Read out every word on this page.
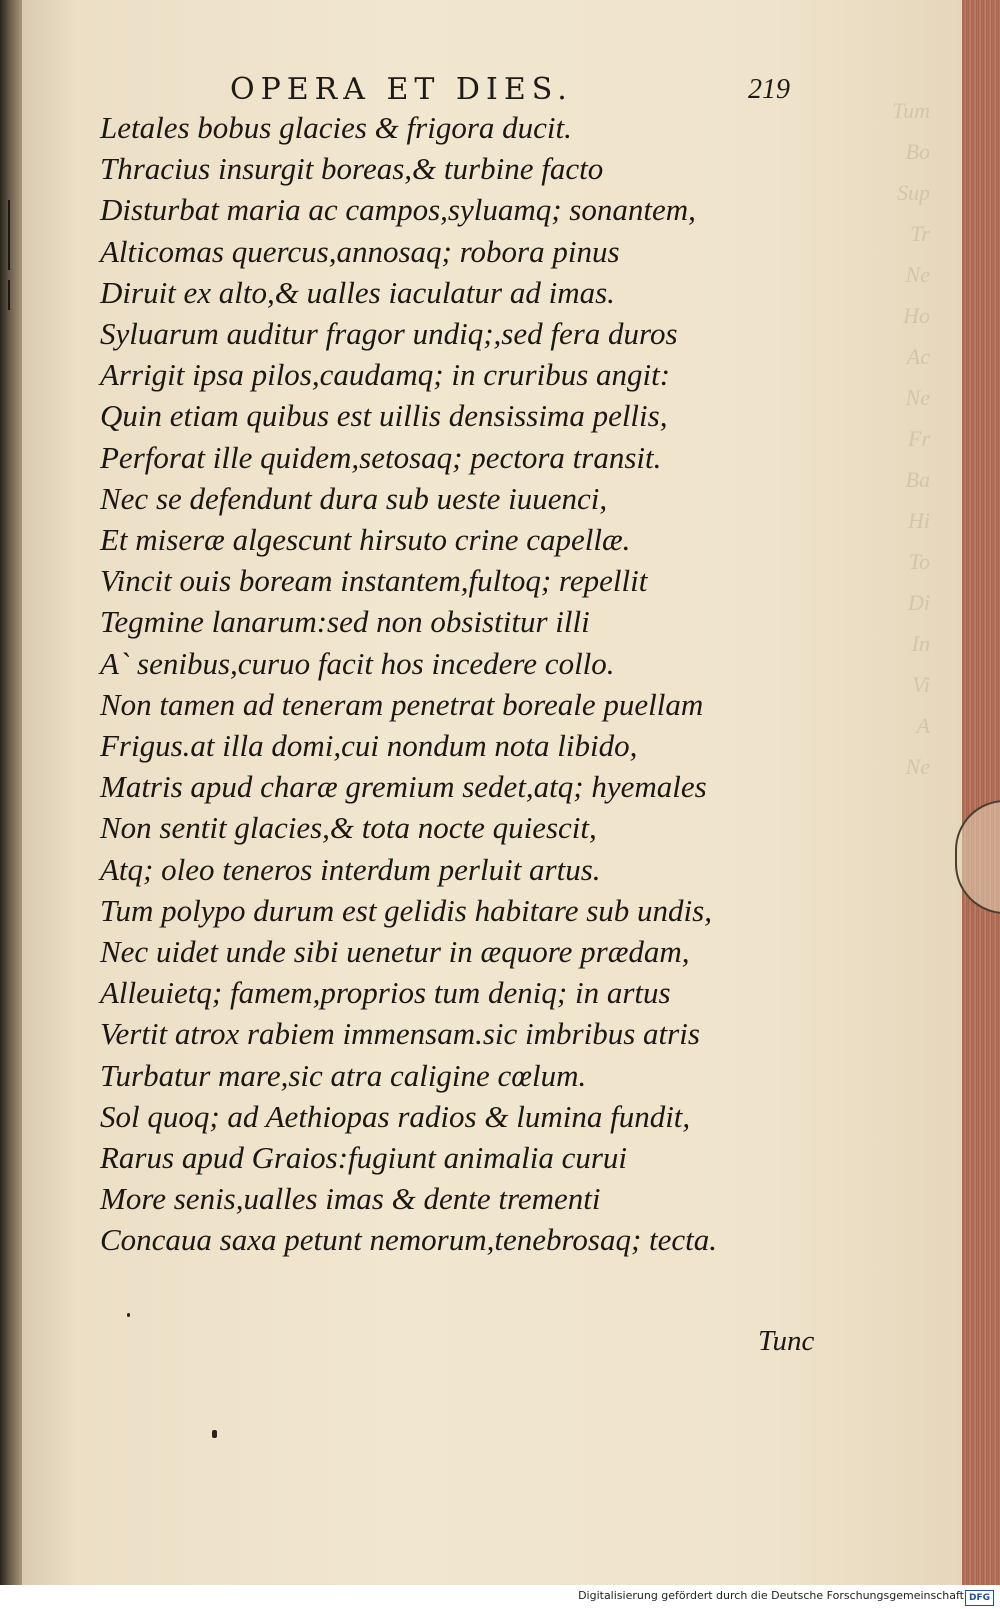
Tum
Bo
Sup
Tr
Ne
Ho
Ac
Ne
Fr
Ba
Hi
To
Di
In
Vi
A
Ne

OPERA ET DIES.	219
Letales bobus glacies & frigora ducit.
Thracius insurgit boreas,& turbine facto
Disturbat maria ac campos,syluamq; sonantem,
Alticomas quercus,annosaq; robora pinus
Diruit ex alto,& ualles iaculatur ad imas.
Syluarum auditur fragor undiq;,sed fera duros
Arrigit ipsa pilos,caudamq; in cruribus angit:
Quin etiam quibus est uillis densissima pellis,
Perforat ille quidem,setosaq; pectora transit.
Nec se defendunt dura sub ueste iuuenci,
Et miseræ algescunt hirsuto crine capellæ.
Vincit ouis boream instantem,fultoq; repellit
Tegmine lanarum:sed non obsistitur illi
A` senibus,curuo facit hos incedere collo.
Non tamen ad teneram penetrat boreale puellam
Frigus.at illa domi,cui nondum nota libido,
Matris apud charæ gremium sedet,atq; hyemales
Non sentit glacies,& tota nocte quiescit,
Atq; oleo teneros interdum perluit artus.
Tum polypo durum est gelidis habitare sub undis,
Nec uidet unde sibi uenetur in æquore prædam,
Alleuietq; famem,proprios tum deniq; in artus
Vertit atrox rabiem immensam.sic imbribus atris
Turbatur mare,sic atra caligine cœlum.
Sol quoq; ad Aethiopas radios & lumina fundit,
Rarus apud Graios:fugiunt animalia curui
More senis,ualles imas & dente trementi
Concaua saxa petunt nemorum,tenebrosaq; tecta.
Tunc
Digitalisierung gefördert durch die Deutsche Forschungsgemeinschaft DFG
